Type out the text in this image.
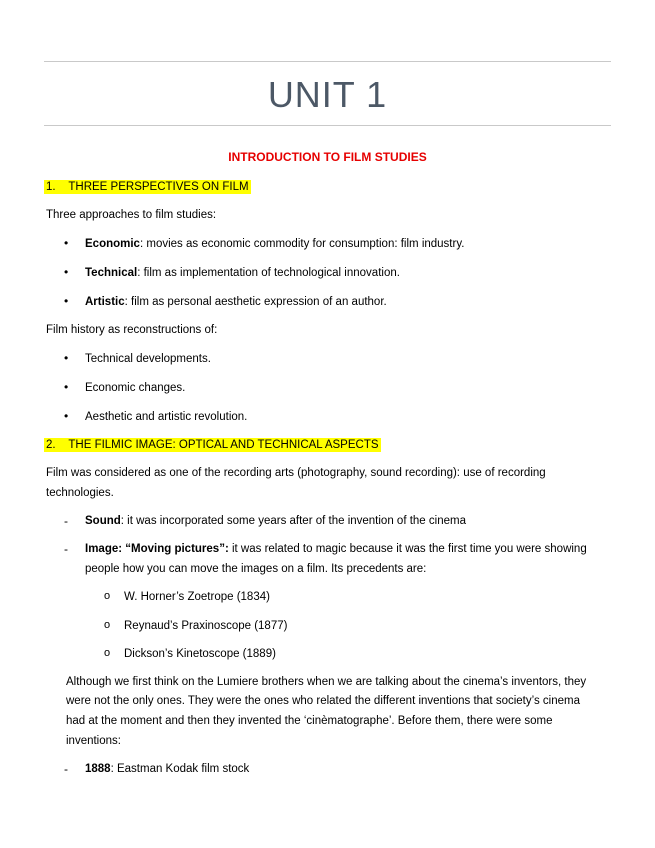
UNIT 1
INTRODUCTION TO FILM STUDIES
1. THREE PERSPECTIVES ON FILM
Three approaches to film studies:
• Economic: movies as economic commodity for consumption: film industry.
• Technical: film as implementation of technological innovation.
• Artistic: film as personal aesthetic expression of an author.
Film history as reconstructions of:
• Technical developments.
• Economic changes.
• Aesthetic and artistic revolution.
2. THE FILMIC IMAGE: OPTICAL AND TECHNICAL ASPECTS
Film was considered as one of the recording arts (photography, sound recording): use of recording
technologies.
- Sound: it was incorporated some years after of the invention of the cinema
- Image: “Moving pictures”: it was related to magic because it was the first time you were showing
people how you can move the images on a film. Its precedents are:
o W. Horner’s Zoetrope (1834)
o Reynaud’s Praxinoscope (1877)
o Dickson’s Kinetoscope (1889)
Although we first think on the Lumiere brothers when we are talking about the cinema’s inventors, they
were not the only ones. They were the ones who related the different inventions that society’s cinema
had at the moment and then they invented the ‘cinèmatographe’. Before them, there were some
inventions:
- 1888: Eastman Kodak film stock
